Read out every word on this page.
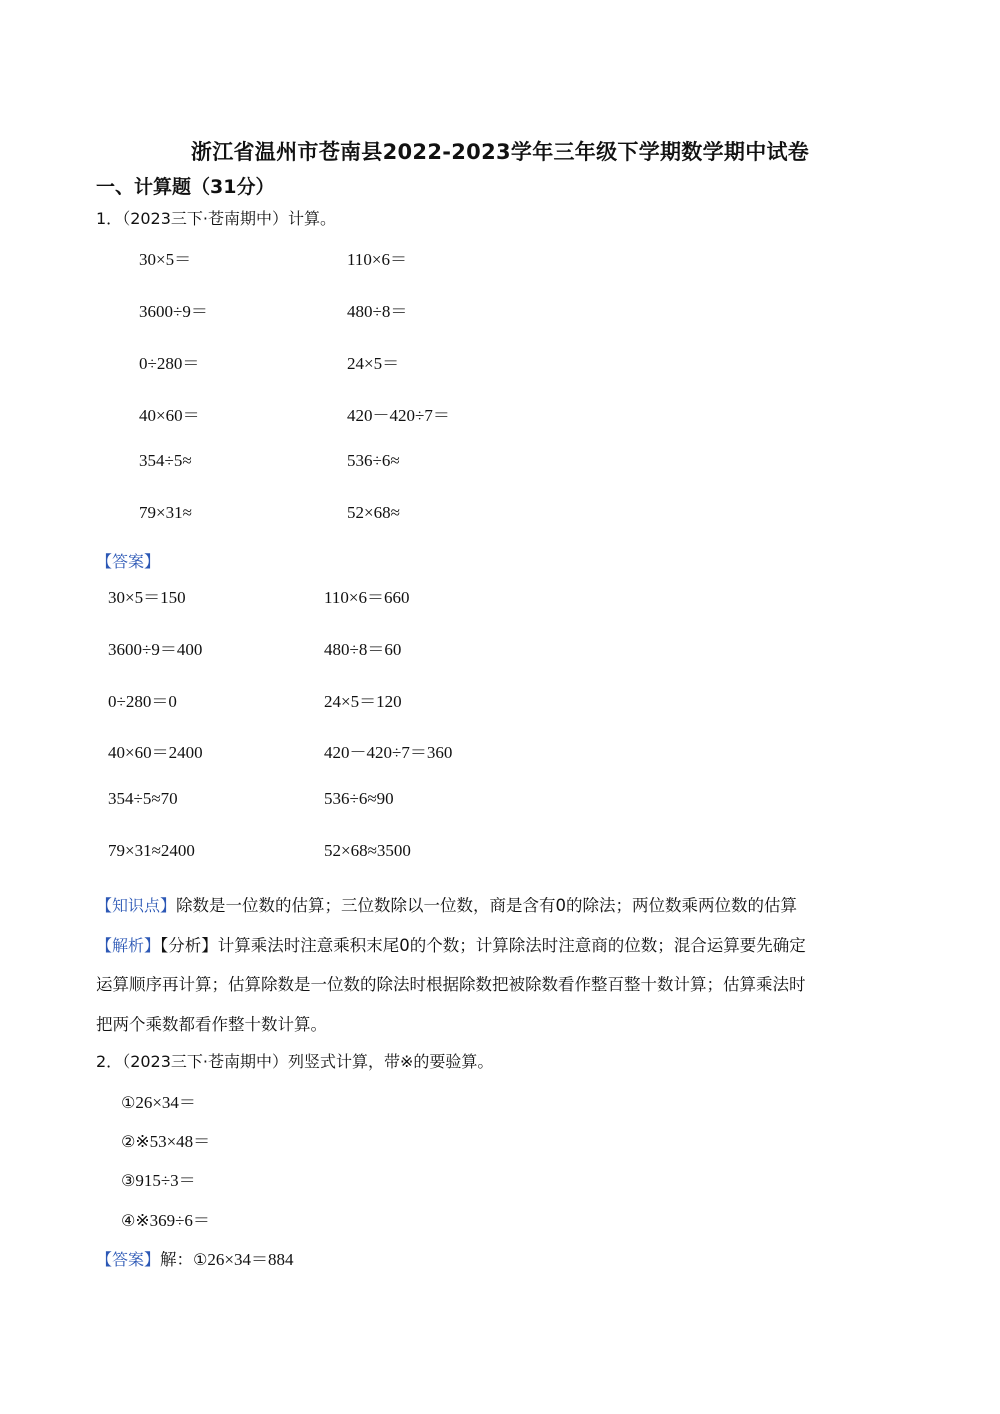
浙江省温州市苍南县2022-2023学年三年级下学期数学期中试卷
一、计算题（31分）
1．（2023三下·苍南期中）计算。
30×5＝	110×6＝
3600÷9＝	480÷8＝
0÷280＝	24×5＝
40×60＝	420－420÷7＝
354÷5≈	536÷6≈
79×31≈	52×68≈
【答案】
30×5＝150	110×6＝660
3600÷9＝400	480÷8＝60
0÷280＝0	24×5＝120
40×60＝2400	420－420÷7＝360
354÷5≈70	536÷6≈90
79×31≈2400	52×68≈3500
【知识点】除数是一位数的估算；三位数除以一位数，商是含有0的除法；两位数乘两位数的估算
【解析】【分析】计算乘法时注意乘积末尾0的个数；计算除法时注意商的位数；混合运算要先确定
运算顺序再计算；估算除数是一位数的除法时根据除数把被除数看作整百整十数计算；估算乘法时
把两个乘数都看作整十数计算。
2．（2023三下·苍南期中）列竖式计算，带※的要验算。
①26×34＝
②※53×48＝
③915÷3＝
④※369÷6＝
【答案】解：①26×34＝884
